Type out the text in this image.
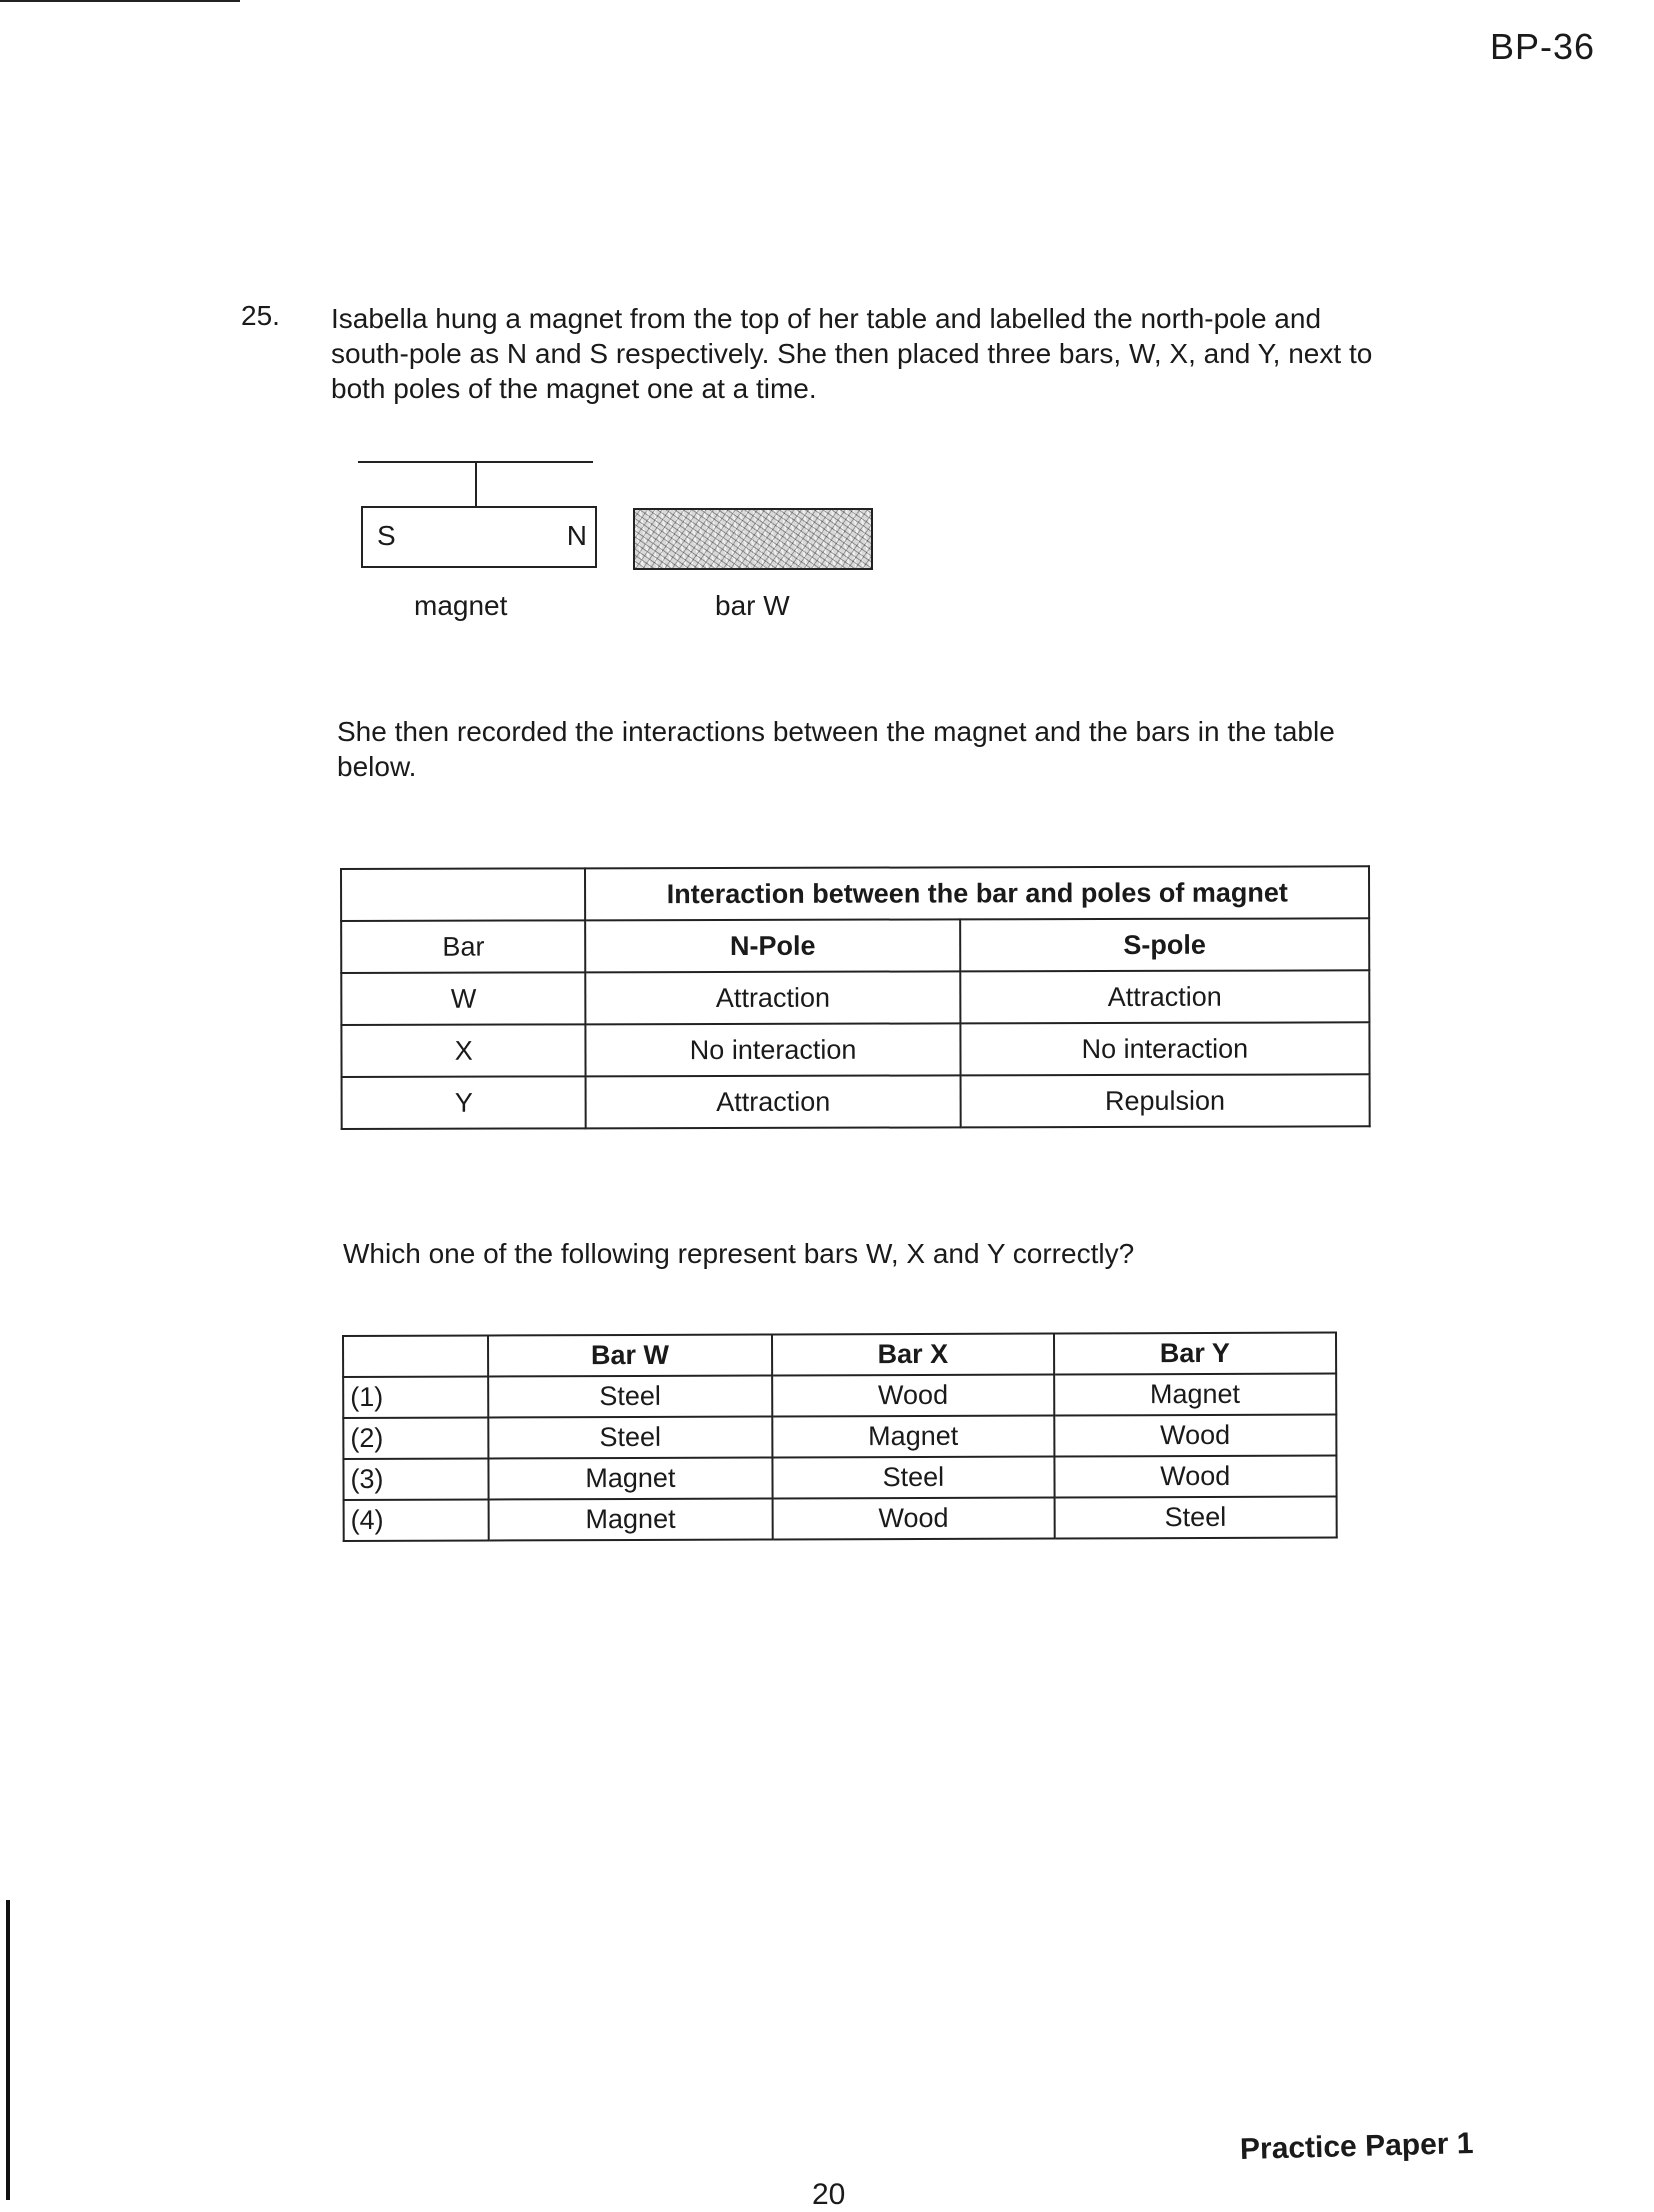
BP-36
25. Isabella hung a magnet from the top of her table and labelled the north-pole and south-pole as N and S respectively. She then placed three bars, W, X, and Y, next to both poles of the magnet one at a time.
S	N
magnet	bar W
She then recorded the interactions between the magnet and the bars in the table below.
	Interaction between the bar and poles of magnet	
Bar	N-Pole	S-pole
W	Attraction	Attraction
X	No interaction	No interaction
Y	Attraction	Repulsion
Which one of the following represent bars W, X and Y correctly?
	Bar W	Bar X	Bar Y
(1)	Steel	Wood	Magnet
(2)	Steel	Magnet	Wood
(3)	Magnet	Steel	Wood
(4)	Magnet	Wood	Steel
20
Practice Paper 1
